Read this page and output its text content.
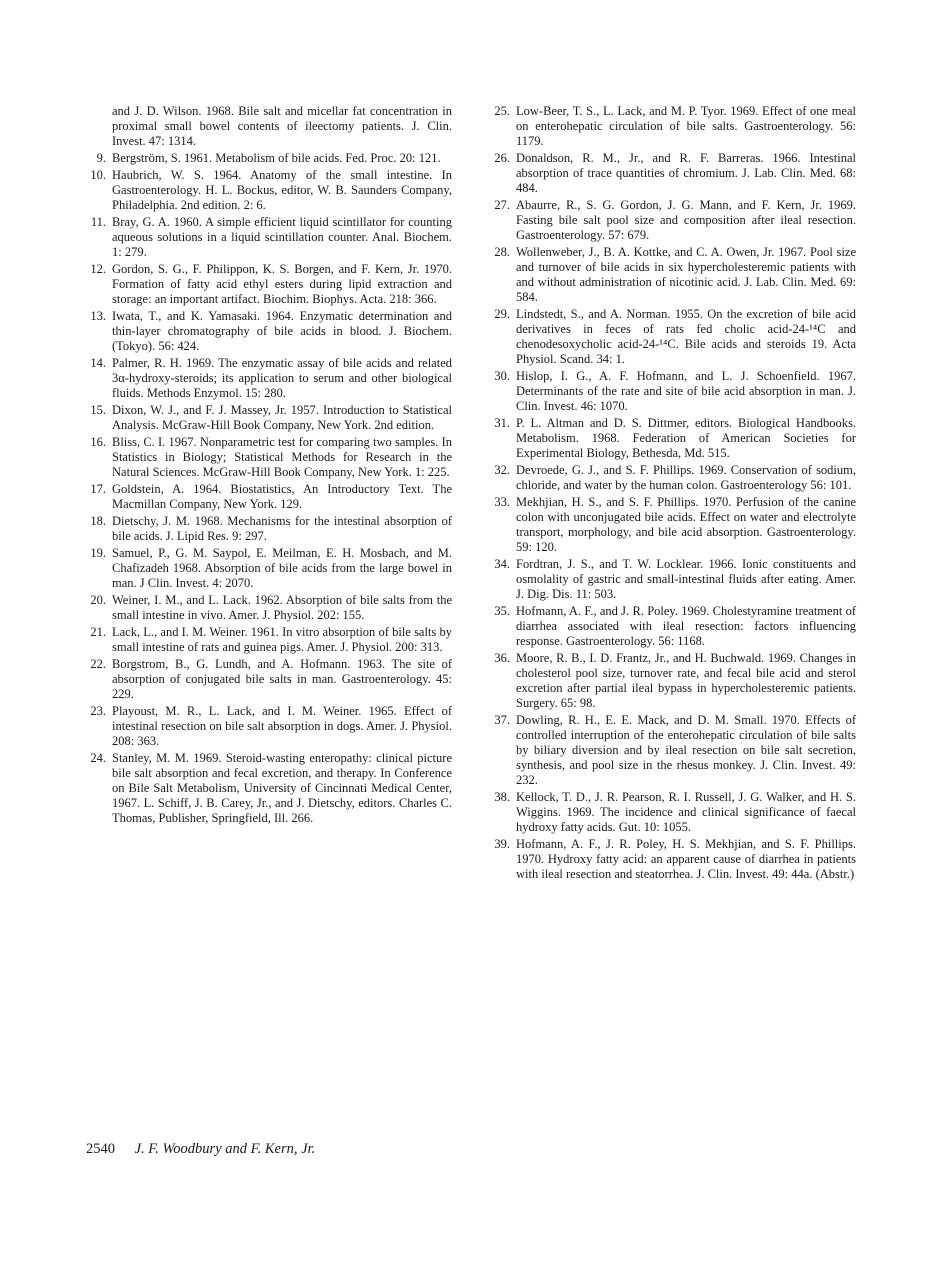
and J. D. Wilson. 1968. Bile salt and micellar fat concentration in proximal small bowel contents of ileectomy patients. J. Clin. Invest. 47: 1314.
9. Bergström, S. 1961. Metabolism of bile acids. Fed. Proc. 20: 121.
10. Haubrich, W. S. 1964. Anatomy of the small intestine. In Gastroenterology. H. L. Bockus, editor, W. B. Saunders Company, Philadelphia. 2nd edition. 2: 6.
11. Bray, G. A. 1960. A simple efficient liquid scintillator for counting aqueous solutions in a liquid scintillation counter. Anal. Biochem. 1: 279.
12. Gordon, S. G., F. Philippon, K. S. Borgen, and F. Kern, Jr. 1970. Formation of fatty acid ethyl esters during lipid extraction and storage: an important artifact. Biochim. Biophys. Acta. 218: 366.
13. Iwata, T., and K. Yamasaki. 1964. Enzymatic determination and thin-layer chromatography of bile acids in blood. J. Biochem. (Tokyo). 56: 424.
14. Palmer, R. H. 1969. The enzymatic assay of bile acids and related 3α-hydroxy-steroids; its application to serum and other biological fluids. Methods Enzymol. 15: 280.
15. Dixon, W. J., and F. J. Massey, Jr. 1957. Introduction to Statistical Analysis. McGraw-Hill Book Company, New York. 2nd edition.
16. Bliss, C. I. 1967. Nonparametric test for comparing two samples. In Statistics in Biology; Statistical Methods for Research in the Natural Sciences. McGraw-Hill Book Company, New York. 1: 225.
17. Goldstein, A. 1964. Biostatistics, An Introductory Text. The Macmillan Company, New York. 129.
18. Dietschy, J. M. 1968. Mechanisms for the intestinal absorption of bile acids. J. Lipid Res. 9: 297.
19. Samuel, P., G. M. Saypol, E. Meilman, E. H. Mosbach, and M. Chafizadeh 1968. Absorption of bile acids from the large bowel in man. J Clin. Invest. 4: 2070.
20. Weiner, I. M., and L. Lack. 1962. Absorption of bile salts from the small intestine in vivo. Amer. J. Physiol. 202: 155.
21. Lack, L., and I. M. Weiner. 1961. In vitro absorption of bile salts by small intestine of rats and guinea pigs. Amer. J. Physiol. 200: 313.
22. Borgstrom, B., G. Lundh, and A. Hofmann. 1963. The site of absorption of conjugated bile salts in man. Gastroenterology. 45: 229.
23. Playoust, M. R., L. Lack, and I. M. Weiner. 1965. Effect of intestinal resection on bile salt absorption in dogs. Amer. J. Physiol. 208: 363.
24. Stanley, M. M. 1969. Steroid-wasting enteropathy: clinical picture bile salt absorption and fecal excretion, and therapy. In Conference on Bile Salt Metabolism, University of Cincinnati Medical Center, 1967. L. Schiff, J. B. Carey, Jr., and J. Dietschy, editors. Charles C. Thomas, Publisher, Springfield, Ill. 266.
25. Low-Beer, T. S., L. Lack, and M. P. Tyor. 1969. Effect of one meal on enterohepatic circulation of bile salts. Gastroenterology. 56: 1179.
26. Donaldson, R. M., Jr., and R. F. Barreras. 1966. Intestinal absorption of trace quantities of chromium. J. Lab. Clin. Med. 68: 484.
27. Abaurre, R., S. G. Gordon, J. G. Mann, and F. Kern, Jr. 1969. Fasting bile salt pool size and composition after ileal resection. Gastroenterology. 57: 679.
28. Wollenweber, J., B. A. Kottke, and C. A. Owen, Jr. 1967. Pool size and turnover of bile acids in six hypercholesteremic patients with and without administration of nicotinic acid. J. Lab. Clin. Med. 69: 584.
29. Lindstedt, S., and A. Norman. 1955. On the excretion of bile acid derivatives in feces of rats fed cholic acid-24-¹⁴C and chenodesoxycholic acid-24-¹⁴C. Bile acids and steroids 19. Acta Physiol. Scand. 34: 1.
30. Hislop, I. G., A. F. Hofmann, and L. J. Schoenfield. 1967. Determinants of the rate and site of bile acid absorption in man. J. Clin. Invest. 46: 1070.
31. P. L. Altman and D. S. Dittmer, editors. Biological Handbooks. Metabolism. 1968. Federation of American Societies for Experimental Biology, Bethesda, Md. 515.
32. Devroede, G. J., and S. F. Phillips. 1969. Conservation of sodium, chloride, and water by the human colon. Gastroenterology 56: 101.
33. Mekhjian, H. S., and S. F. Phillips. 1970. Perfusion of the canine colon with unconjugated bile acids. Effect on water and electrolyte transport, morphology, and bile acid absorption. Gastroenterology. 59: 120.
34. Fordtran, J. S., and T. W. Locklear. 1966. Ionic constituents and osmolality of gastric and small-intestinal fluids after eating. Amer. J. Dig. Dis. 11: 503.
35. Hofmann, A. F., and J. R. Poley. 1969. Cholestyramine treatment of diarrhea associated with ileal resection: factors influencing response. Gastroenterology. 56: 1168.
36. Moore, R. B., I. D. Frantz, Jr., and H. Buchwald. 1969. Changes in cholesterol pool size, turnover rate, and fecal bile acid and sterol excretion after partial ileal bypass in hypercholesteremic patients. Surgery. 65: 98.
37. Dowling, R. H., E. E. Mack, and D. M. Small. 1970. Effects of controlled interruption of the enterohepatic circulation of bile salts by biliary diversion and by ileal resection on bile salt secretion, synthesis, and pool size in the rhesus monkey. J. Clin. Invest. 49: 232.
38. Kellock, T. D., J. R. Pearson, R. I. Russell, J. G. Walker, and H. S. Wiggins. 1969. The incidence and clinical significance of faecal hydroxy fatty acids. Gut. 10: 1055.
39. Hofmann, A. F., J. R. Poley, H. S. Mekhjian, and S. F. Phillips. 1970. Hydroxy fatty acid: an apparent cause of diarrhea in patients with ileal resection and steatorrhea. J. Clin. Invest. 49: 44a. (Abstr.)
2540 J. F. Woodbury and F. Kern, Jr.
